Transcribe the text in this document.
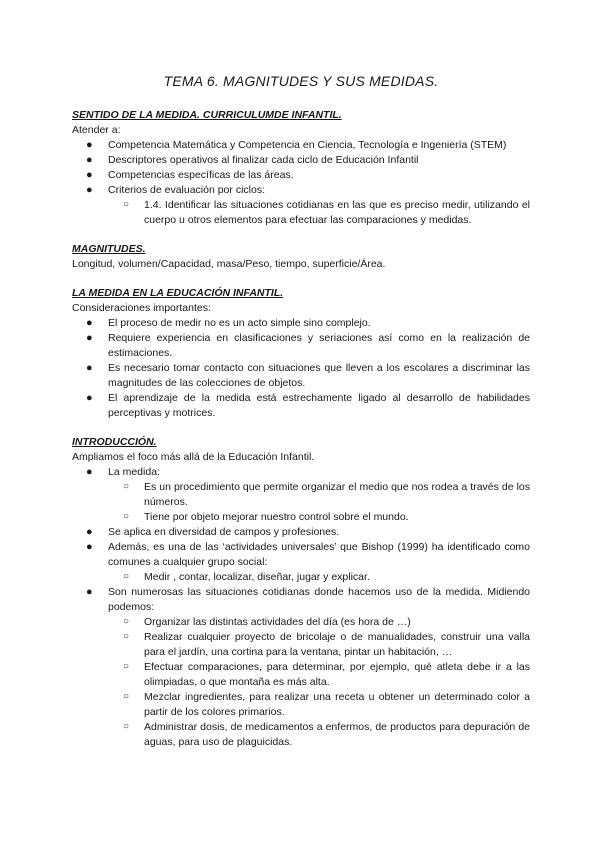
TEMA 6. MAGNITUDES Y SUS MEDIDAS.
SENTIDO DE LA MEDIDA. CURRICULUMDE INFANTIL.
Atender a:
● Competencia Matemática y Competencia en Ciencia, Tecnología e Ingeniería (STEM)
● Descriptores operativos al finalizar cada ciclo de Educación Infantil
● Competencias específicas de las áreas.
● Criterios de evaluación por ciclos:
○ 1.4. Identificar las situaciones cotidianas en las que es preciso medir, utilizando el cuerpo u otros elementos para efectuar las comparaciones y medidas.
MAGNITUDES.
Longitud, volumen/Capacidad, masa/Peso, tiempo, superficie/Área.
LA MEDIDA EN LA EDUCACIÓN INFANTIL.
Consideraciones importantes:
● El proceso de medir no es un acto simple sino complejo.
● Requiere experiencia en clasificaciones y seriaciones así como en la realización de estimaciones.
● Es necesario tomar contacto con situaciones que lleven a los escolares a discriminar las magnitudes de las colecciones de objetos.
● El aprendizaje de la medida está estrechamente ligado al desarrollo de habilidades perceptivas y motrices.
INTRODUCCIÓN.
Ampliamos el foco más allá de la Educación Infantil.
● La medida:
○ Es un procedimiento que permite organizar el medio que nos rodea a través de los números.
○ Tiene por objeto mejorar nuestro control sobre el mundo.
● Se aplica en diversidad de campos y profesiones.
● Además, es una de las ‘actividades universales’ que Bishop (1999) ha identificado como comunes a cualquier grupo social:
○ Medir , contar, localizar, diseñar, jugar y explicar.
● Son numerosas las situaciones cotidianas donde hacemos uso de la medida. Midiendo podemos:
○ Organizar las distintas actividades del día (es hora de …)
○ Realizar cualquier proyecto de bricolaje o de manualidades, construir una valla para el jardín, una cortina para la ventana, pintar un habitación, …
○ Efectuar comparaciones, para determinar, por ejemplo, qué atleta debe ir a las olimpiadas, o que montaña es más alta.
○ Mezclar ingredientes, para realizar una receta u obtener un determinado color a partir de los colores primarios.
○ Administrar dosis, de medicamentos a enfermos, de productos para depuración de aguas, para uso de plaguicidas.
